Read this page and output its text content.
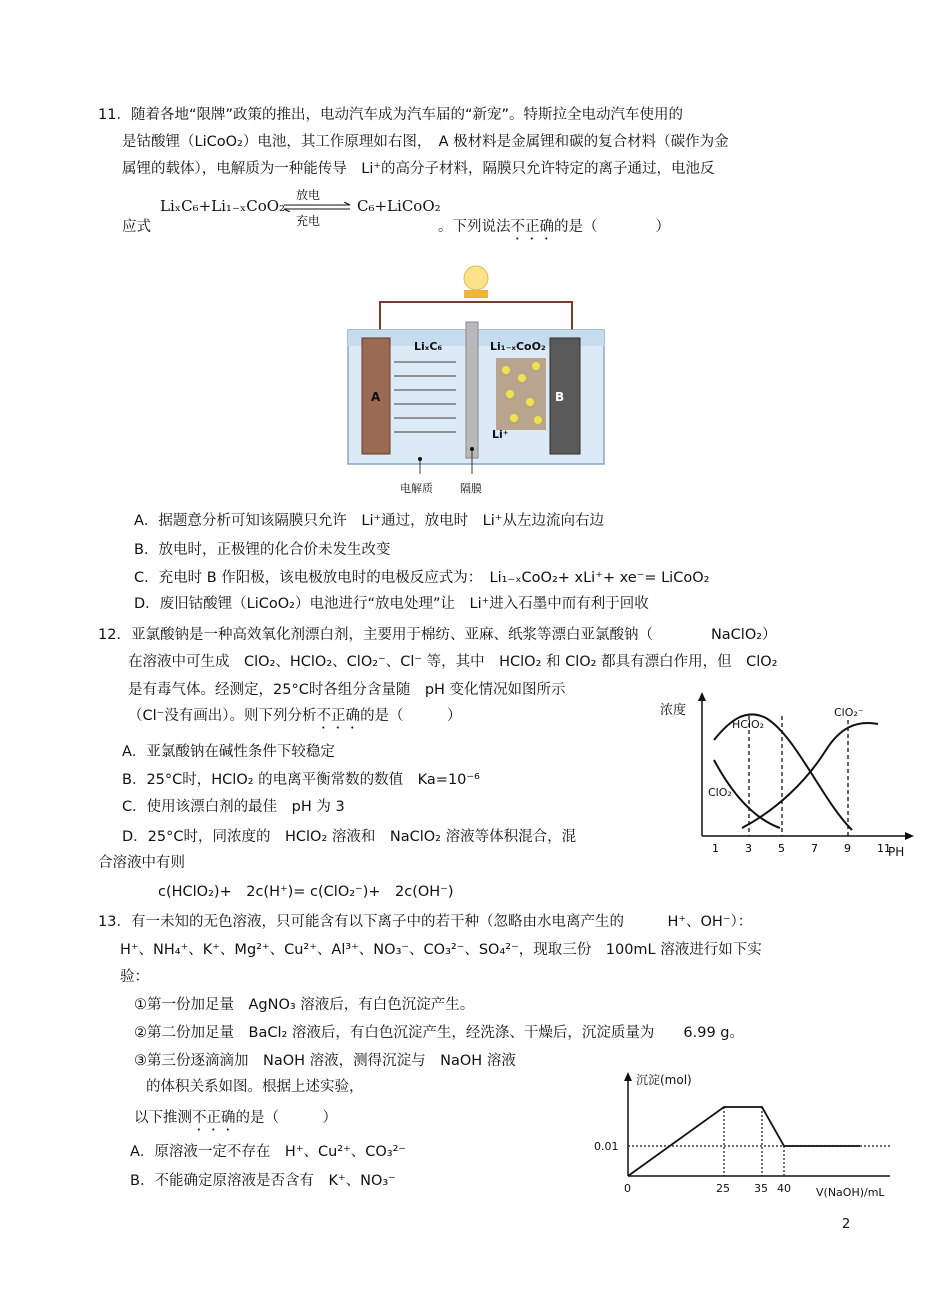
11．随着各地“限牌”政策的推出，电动汽车成为汽车届的“新宠”。特斯拉全电动汽车使用的
是钴酸锂（LiCoO₂）电池，其工作原理如右图，　A 极材料是金属锂和碳的复合材料（碳作为金
属锂的载体），电解质为一种能传导　Li⁺的高分子材料，隔膜只允许特定的离子通过，电池反
LiₓC₆+Li₁₋ₓCoO₂
放电
充电
C₆+LiCoO₂
应式	。下列说法不正确的是（　　　　）
A
LiₓC₆	Li₁₋ₓCoO₂
Li⁺
B
电解质 隔膜
A．据题意分析可知该隔膜只允许　Li⁺通过，放电时　Li⁺从左边流向右边
B．放电时，正极锂的化合价未发生改变
C．充电时 B 作阳极，该电极放电时的电极反应式为：　Li₁₋ₓCoO₂+ xLi⁺+ xe⁻= LiCoO₂
D．废旧钴酸锂（LiCoO₂）电池进行“放电处理”让　Li⁺进入石墨中而有利于回收
12．亚氯酸钠是一种高效氧化剂漂白剂，主要用于棉纺、亚麻、纸浆等漂白亚氯酸钠（　　　　NaClO₂）
在溶液中可生成　ClO₂、HClO₂、ClO₂⁻、Cl⁻ 等，其中　HClO₂ 和 ClO₂ 都具有漂白作用，但　ClO₂
是有毒气体。经测定，25°C时各组分含量随　pH 变化情况如图所示
（Cl⁻没有画出）。则下列分析不正确的是（　　　）
A．亚氯酸钠在碱性条件下较稳定
B．25°C时，HClO₂ 的电离平衡常数的数值　Ka=10⁻⁶
C．使用该漂白剂的最佳　pH 为 3
D．25°C时，同浓度的　HClO₂ 溶液和　NaClO₂ 溶液等体积混合，混
合溶液中有则
c(HClO₂)+　2c(H⁺)= c(ClO₂⁻)+　2c(OH⁻)
浓度
PH
1 3 5 7 9 11
HClO₂
ClO₂⁻
ClO₂
13．有一未知的无色溶液，只可能含有以下离子中的若干种（忽略由水电离产生的　　　H⁺、OH⁻）：
H⁺、NH₄⁺、K⁺、Mg²⁺、Cu²⁺、Al³⁺、NO₃⁻、CO₃²⁻、SO₄²⁻，现取三份　100mL 溶液进行如下实
验：
①第一份加足量　AgNO₃ 溶液后，有白色沉淀产生。
②第二份加足量　BaCl₂ 溶液后，有白色沉淀产生，经洗涤、干燥后，沉淀质量为　　6.99 g。
③第三份逐滴滴加　NaOH 溶液，测得沉淀与　NaOH 溶液
的体积关系如图。根据上述实验，
以下推测不正确的是（　　　）
A．原溶液一定不存在　H⁺、Cu²⁺、CO₃²⁻
B．不能确定原溶液是否含有　K⁺、NO₃⁻
沉淀(mol)
0.01
0	25 35 40 V(NaOH)/mL
2
